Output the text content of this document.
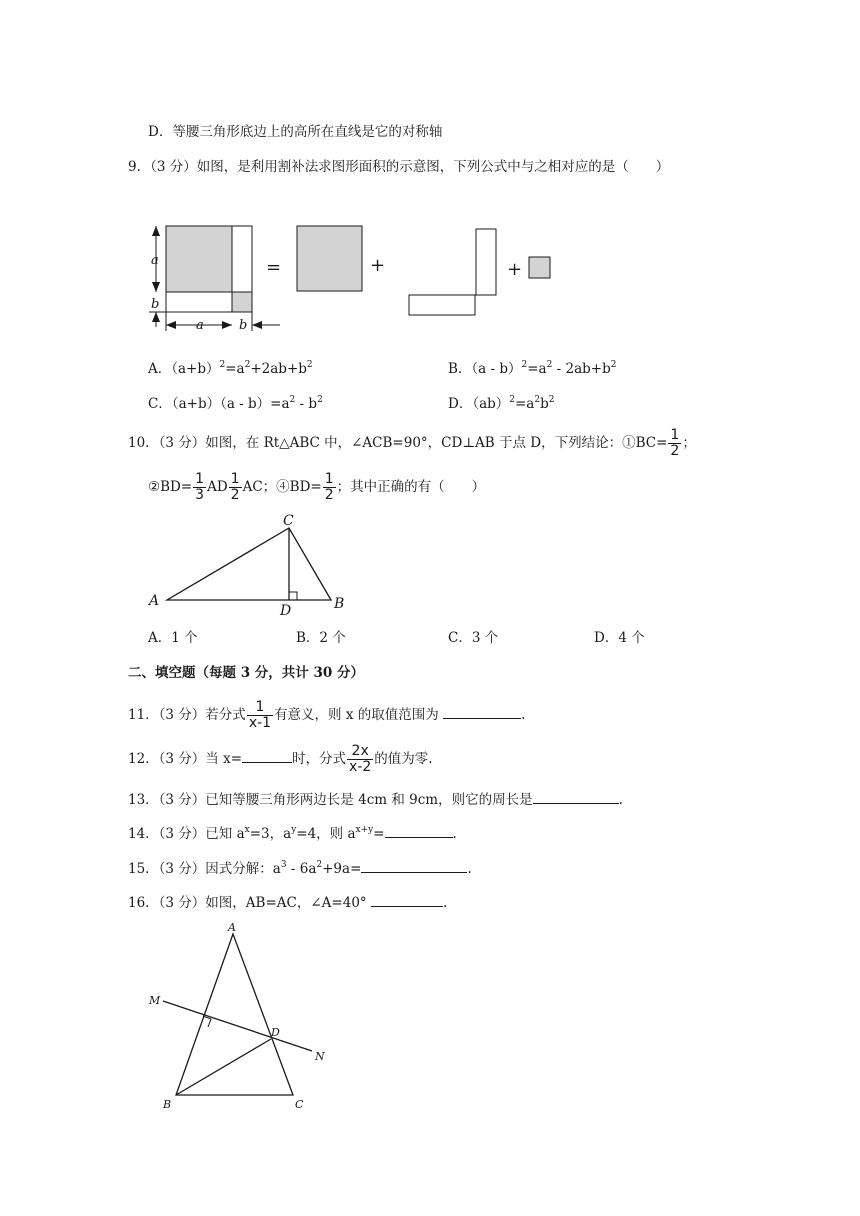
D．等腰三角形底边上的高所在直线是它的对称轴
9．（3 分）如图，是利用割补法求图形面积的示意图，下列公式中与之相对应的是（　　）
a
b
a	b
=	+	+
A．$(a+b)^2=a^2+2ab+b^2$	B．$(a - b)^2=a^2 - 2ab+b^2$
C．$(a+b)(a - b)=a^2 - b^2$	D．$(ab)^2=a^2b^2$
10．（3 分）如图，在 Rt△ABC 中，∠ACB=90°，CD⊥AB 于点 D，下列结论：①BC= $\frac{1}{2}$ ；
②BD= $\frac{1}{3}$ AD $\frac{1}{2}$ AC；④BD= $\frac{1}{2}$ ；其中正确的有（　　）
A	B
C
D
A．1 个	B．2 个	C．3 个	D．4 个
二、填空题（每题 3 分，共计 30 分）
11．（3 分）若分式 $\frac{1}{x-1}$ 有意义，则 x 的取值范围为	.
12．（3 分）当 x=	时，分式 $\frac{2x}{x-2}$ 的值为零.
13．（3 分）已知等腰三角形两边长是 4cm 和 9cm，则它的周长是	.
14．（3 分）已知 $a^x=3$，$a^y=4$，则 $a^{x+y}=$	.
15．（3 分）因式分解：$a^3 - 6a^2+9a=$	.
16．（3 分）如图，AB=AC，∠A=40°	.
A
B	C
D
M
N
